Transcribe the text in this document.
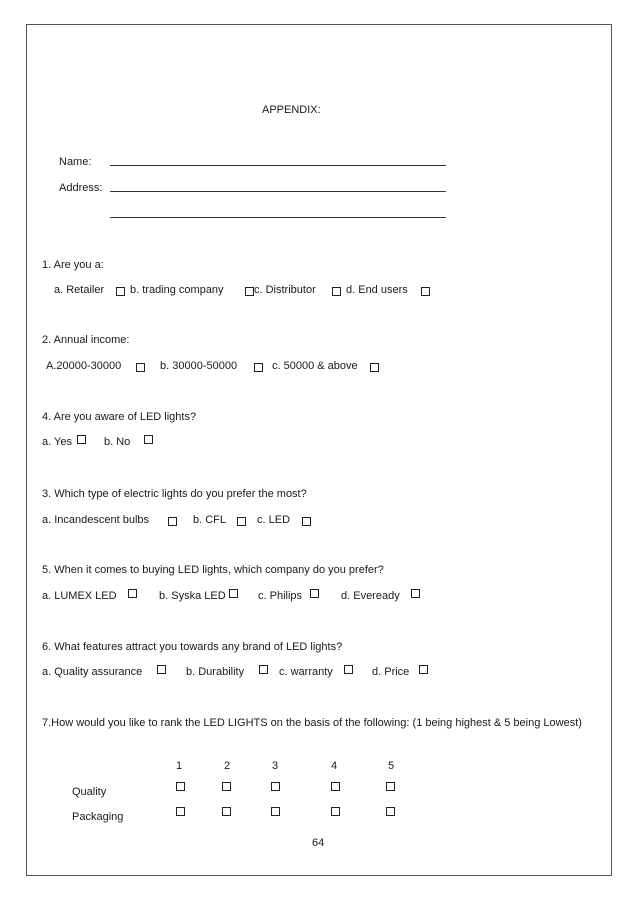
APPENDIX:
Name:
Address:
1. Are you a:
a. Retailer b. trading company	c. Distributor	d. End users
2. Annual income:
A.20000-30000	b. 30000-50000	c. 50000 & above
4. Are you aware of LED lights?
a. Yes	b. No
3. Which type of electric lights do you prefer the most?
a. Incandescent bulbs	b. CFL	c. LED
5. When it comes to buying LED lights, which company do you prefer?
a. LUMEX LED	b. Syska LED	c. Philips	d. Eveready
6. What features attract you towards any brand of LED lights?
a. Quality assurance	b. Durability	c. warranty	d. Price
7.How would you like to rank the LED LIGHTS on the basis of the following: (1 being highest & 5 being Lowest)
1	2	3	4	5
Quality
Packaging
64
